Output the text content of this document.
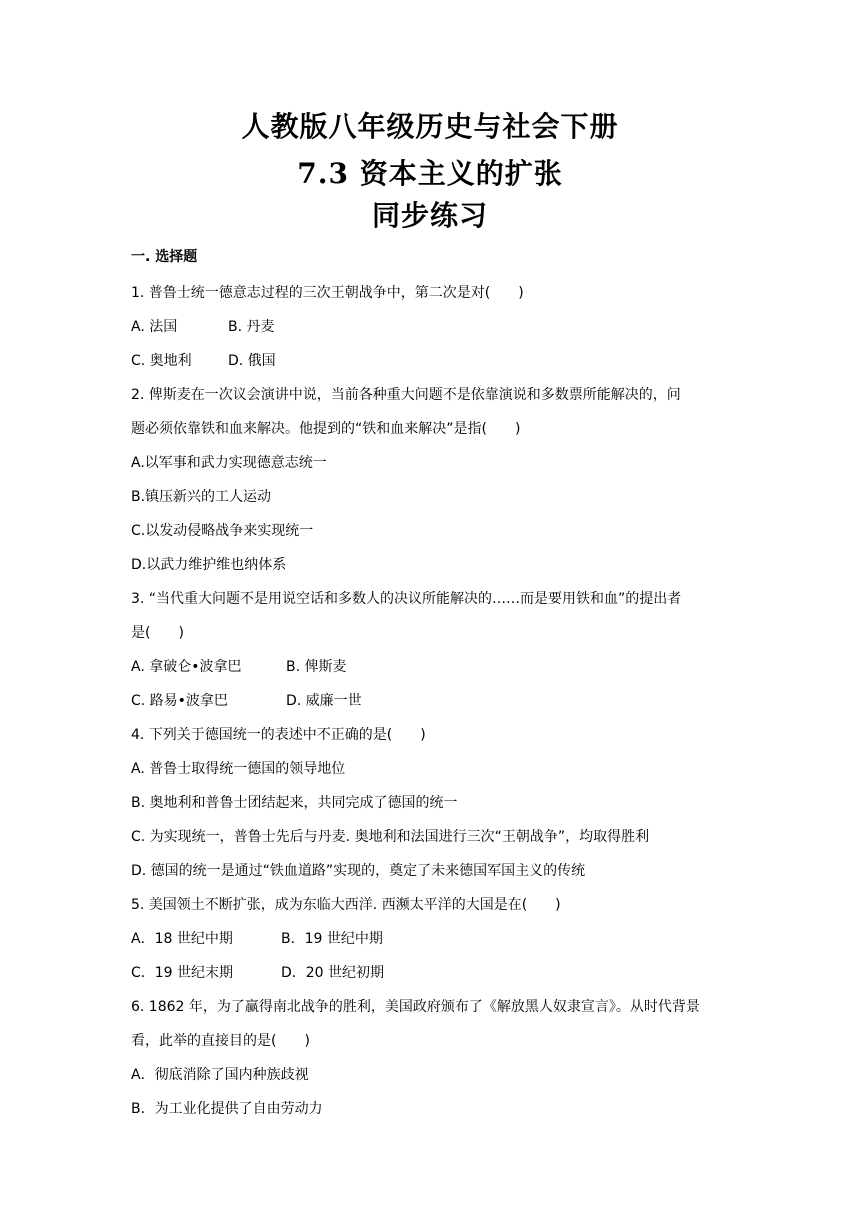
人教版八年级历史与社会下册
7.3 资本主义的扩张
同步练习
一. 选择题
1. 普鲁士统一德意志过程的三次王朝战争中，第二次是对(　　)
A. 法国	B. 丹麦
C. 奥地利	D. 俄国
2. 俾斯麦在一次议会演讲中说，当前各种重大问题不是依靠演说和多数票所能解决的，问
题必须依靠铁和血来解决。他提到的“铁和血来解决”是指(　　)
A.以军事和武力实现德意志统一
B.镇压新兴的工人运动
C.以发动侵略战争来实现统一
D.以武力维护维也纳体系
3. “当代重大问题不是用说空话和多数人的决议所能解决的……而是要用铁和血”的提出者
是(　　)
A. 拿破仑•波拿巴	B. 俾斯麦
C. 路易•波拿巴	D. 威廉一世
4. 下列关于德国统一的表述中不正确的是(　　)
A. 普鲁士取得统一德国的领导地位
B. 奥地利和普鲁士团结起来，共同完成了德国的统一
C. 为实现统一，普鲁士先后与丹麦. 奥地利和法国进行三次“王朝战争”，均取得胜利
D. 德国的统一是通过“铁血道路”实现的，奠定了未来德国军国主义的传统
5. 美国领土不断扩张，成为东临大西洋. 西濒太平洋的大国是在(　　)
A．18 世纪中期	B．19 世纪中期
C．19 世纪末期	D．20 世纪初期
6. 1862 年，为了赢得南北战争的胜利，美国政府颁布了《解放黑人奴隶宣言》。从时代背景
看，此举的直接目的是(　　)
A．彻底消除了国内种族歧视
B．为工业化提供了自由劳动力
